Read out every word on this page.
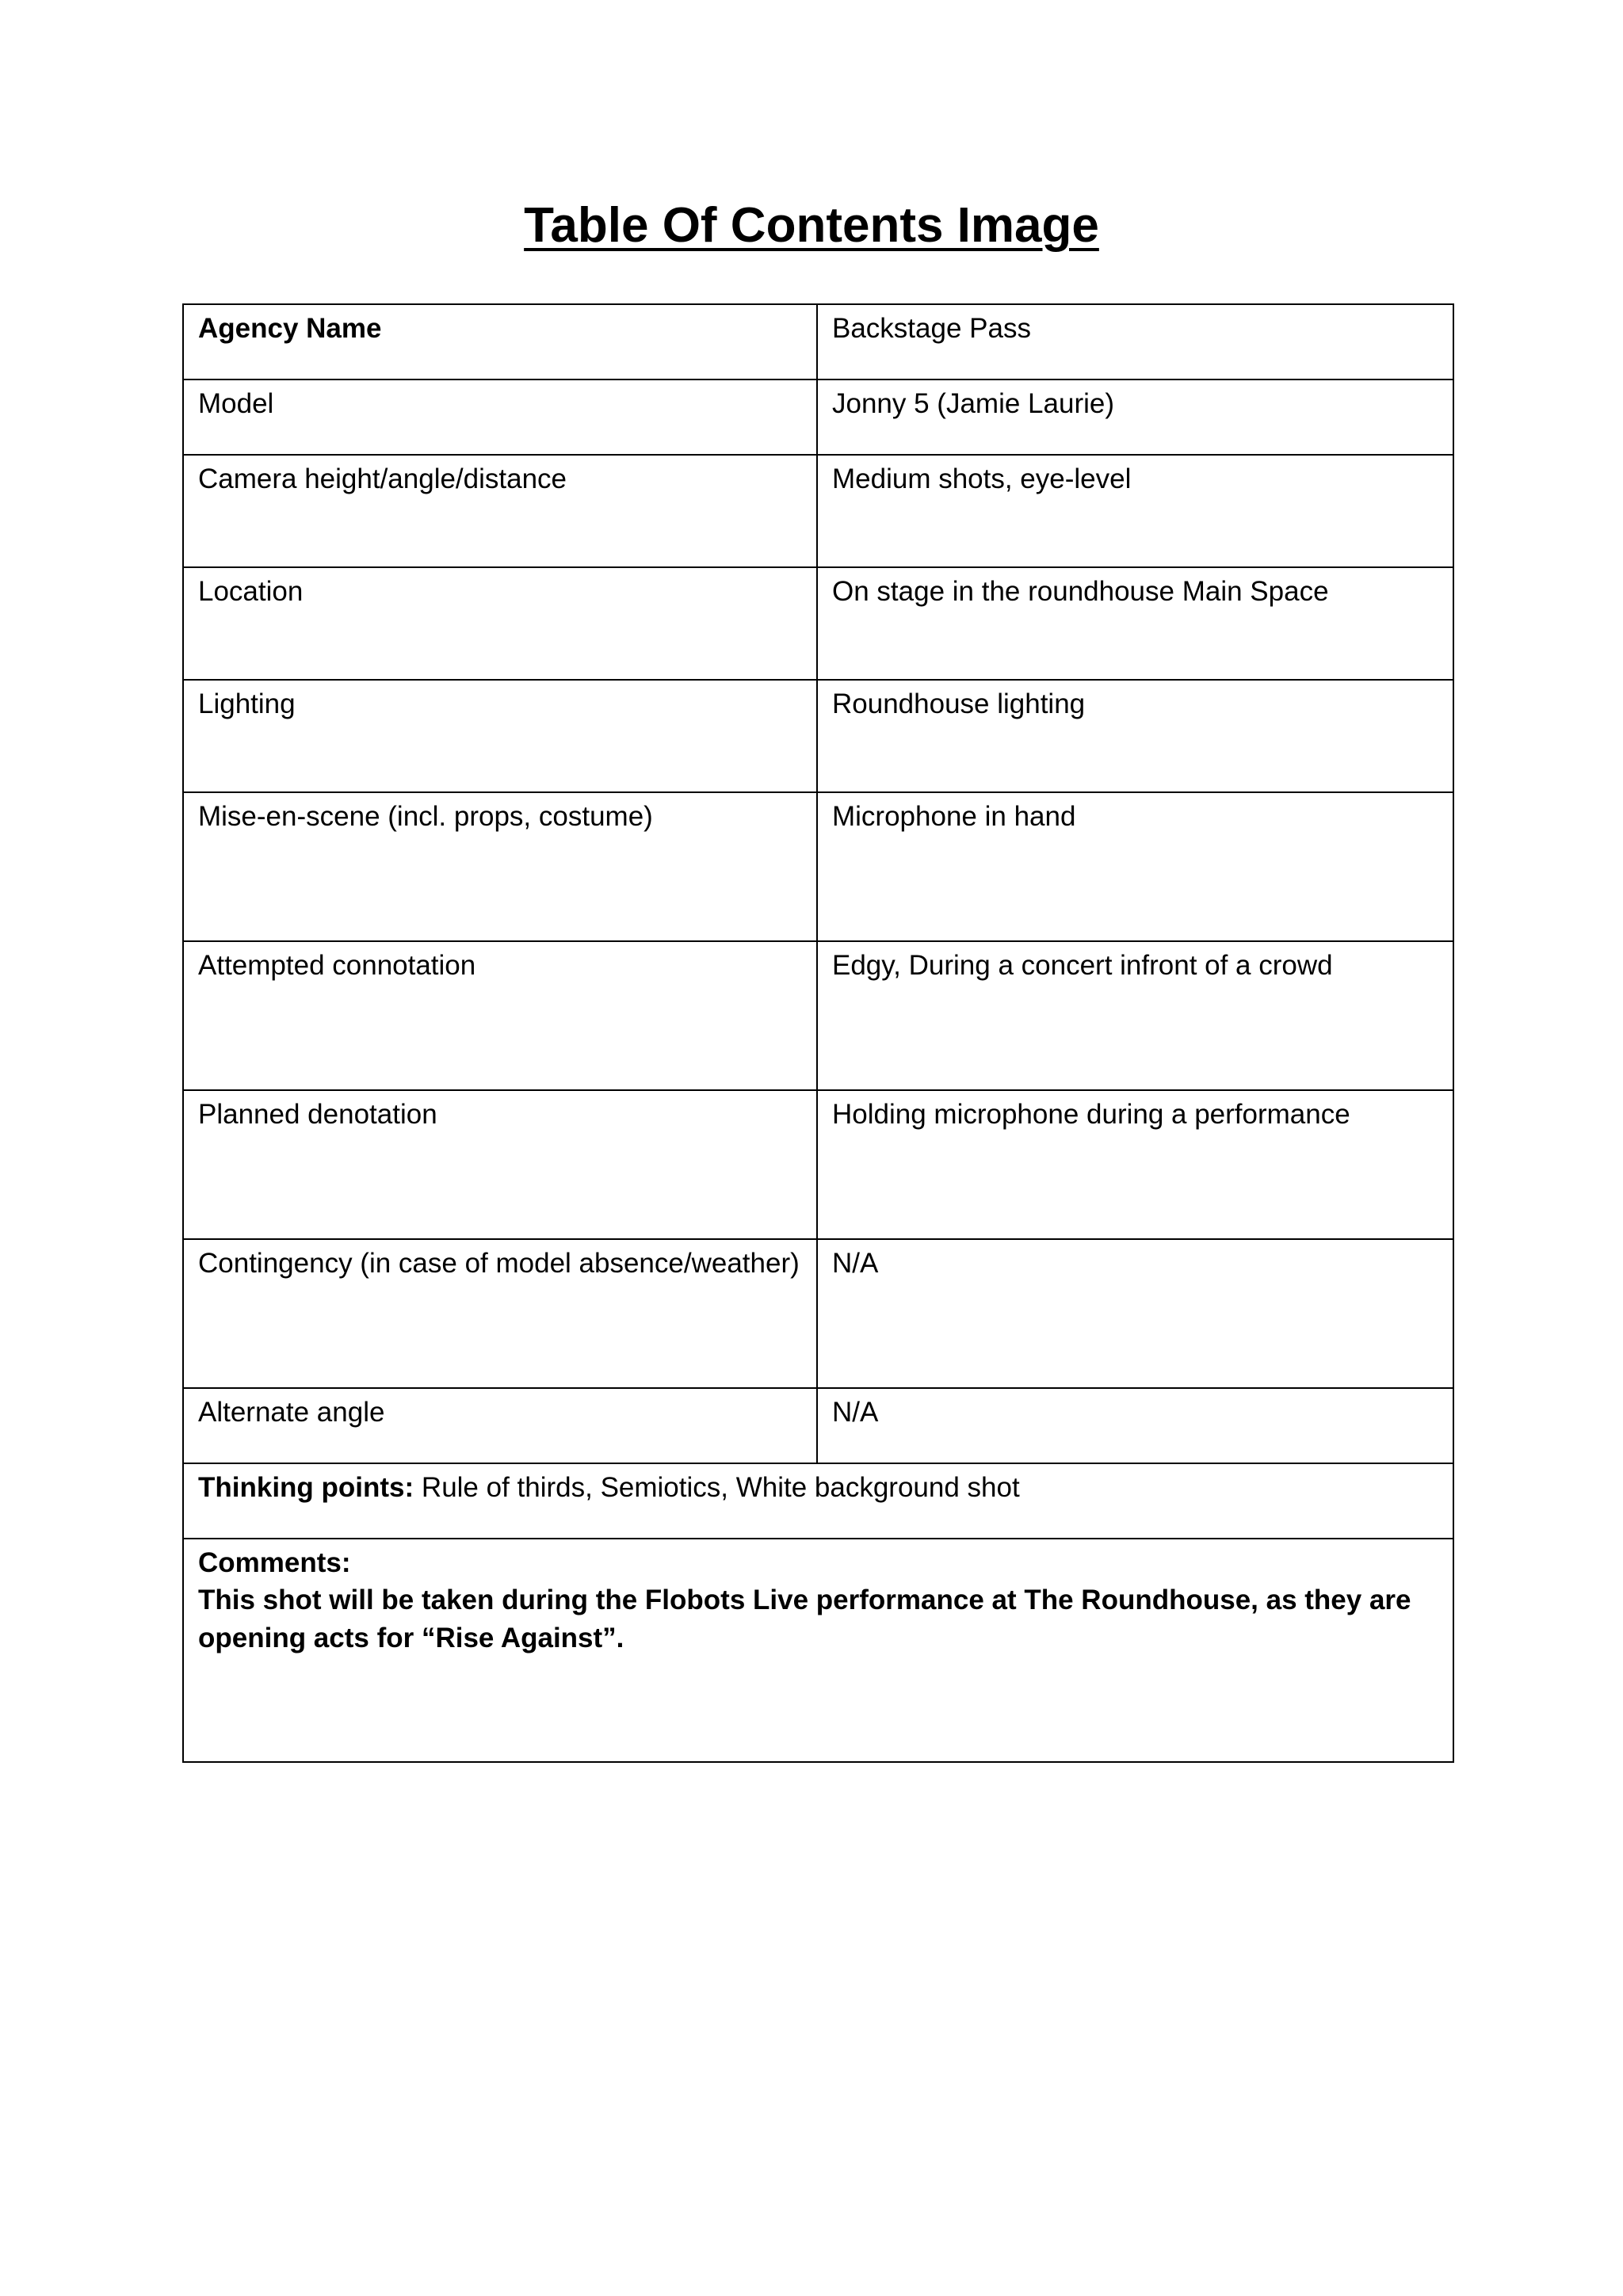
Table Of Contents Image
Agency Name	Backstage Pass
Model	Jonny 5 (Jamie Laurie)
Camera height/angle/distance	Medium shots, eye-level
Location	On stage in the roundhouse Main Space
Lighting	Roundhouse lighting
Mise-en-scene (incl. props, costume)	Microphone in hand
Attempted connotation	Edgy, During a concert infront of a crowd
Planned denotation	Holding microphone during a performance
Contingency (in case of model absence/weather)	N/A
Alternate angle	N/A
Thinking points: Rule of thirds, Semiotics, White background shot	

Comments:
This shot will be taken during the Flobots Live performance at The Roundhouse, as they are opening acts for “Rise Against”.	
